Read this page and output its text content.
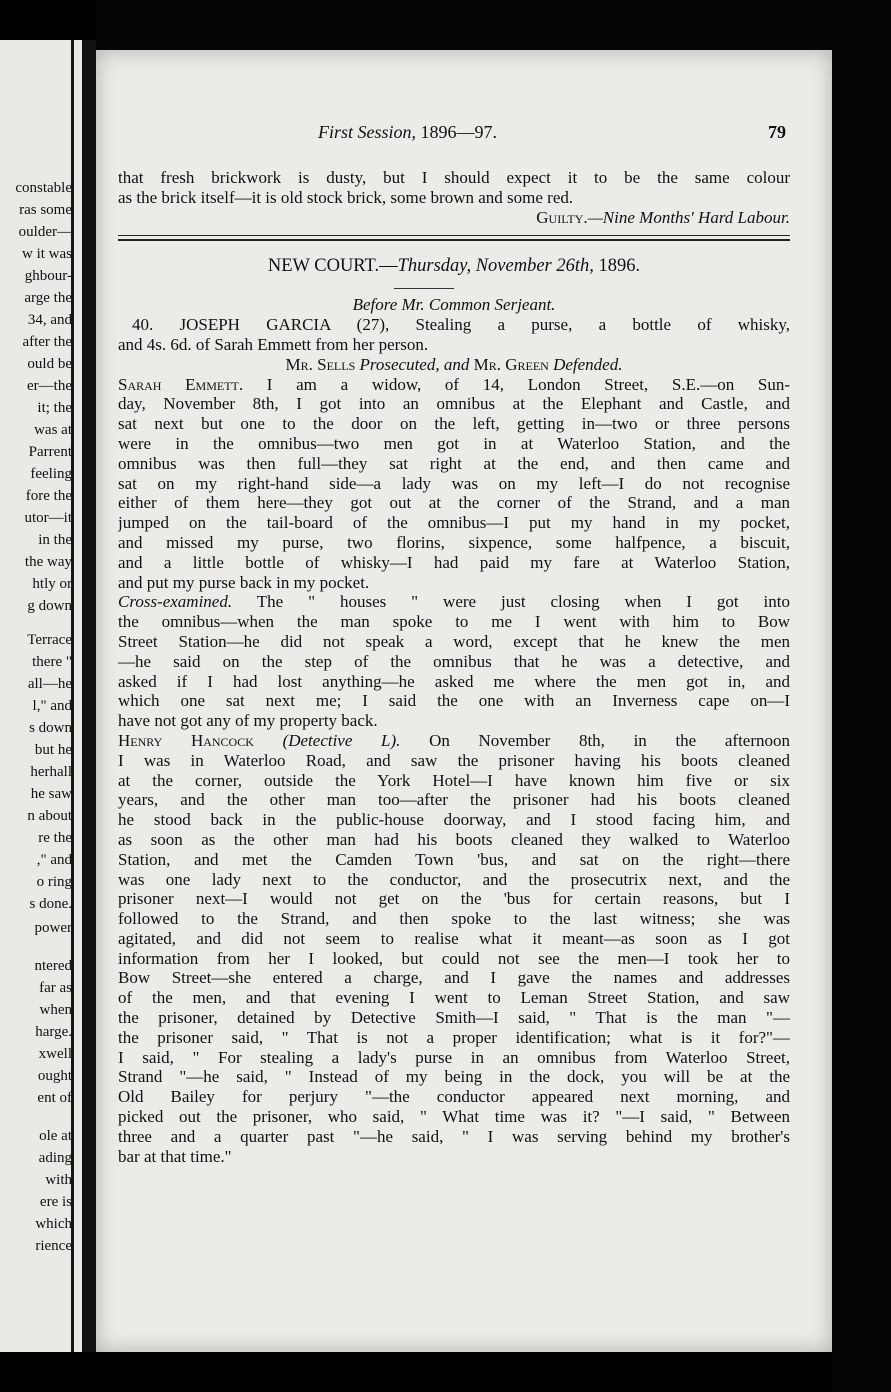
constable
ras some
oulder—
w it was
ghbour-
arge the
34, and
after the
ould be
er—the
it; the
was at
Parrent
feeling
fore the
utor—it
in the
the way
htly or
g down
Terrace
there "
all—he
l," and
s down
but he
herhall
he saw
n about
re the
," and
o ring
s done.
power
ntered
far as
when
harge.
xwell
ought
ent of
ole at
ading
with
ere is
which
rience
First Session, 1896—97.	79
that fresh brickwork is dusty, but I should expect it to be the same colour
as the brick itself—it is old stock brick, some brown and some red.
Guilty.—Nine Months' Hard Labour.
NEW COURT.—Thursday, November 26th, 1896.
Before Mr. Common Serjeant.
40. JOSEPH GARCIA (27), Stealing a purse, a bottle of whisky,
and 4s. 6d. of Sarah Emmett from her person.
Mr. Sells Prosecuted, and Mr. Green Defended.
Sarah Emmett. I am a widow, of 14, London Street, S.E.—on Sun-
day, November 8th, I got into an omnibus at the Elephant and Castle, and
sat next but one to the door on the left, getting in—two or three persons
were in the omnibus—two men got in at Waterloo Station, and the
omnibus was then full—they sat right at the end, and then came and
sat on my right-hand side—a lady was on my left—I do not recognise
either of them here—they got out at the corner of the Strand, and a man
jumped on the tail-board of the omnibus—I put my hand in my pocket,
and missed my purse, two florins, sixpence, some halfpence, a biscuit,
and a little bottle of whisky—I had paid my fare at Waterloo Station,
and put my purse back in my pocket.
Cross-examined. The " houses " were just closing when I got into
the omnibus—when the man spoke to me I went with him to Bow
Street Station—he did not speak a word, except that he knew the men
—he said on the step of the omnibus that he was a detective, and
asked if I had lost anything—he asked me where the men got in, and
which one sat next me; I said the one with an Inverness cape on—I
have not got any of my property back.
Henry Hancock (Detective L). On November 8th, in the afternoon
I was in Waterloo Road, and saw the prisoner having his boots cleaned
at the corner, outside the York Hotel—I have known him five or six
years, and the other man too—after the prisoner had his boots cleaned
he stood back in the public-house doorway, and I stood facing him, and
as soon as the other man had his boots cleaned they walked to Waterloo
Station, and met the Camden Town 'bus, and sat on the right—there
was one lady next to the conductor, and the prosecutrix next, and the
prisoner next—I would not get on the 'bus for certain reasons, but I
followed to the Strand, and then spoke to the last witness; she was
agitated, and did not seem to realise what it meant—as soon as I got
information from her I looked, but could not see the men—I took her to
Bow Street—she entered a charge, and I gave the names and addresses
of the men, and that evening I went to Leman Street Station, and saw
the prisoner, detained by Detective Smith—I said, " That is the man "—
the prisoner said, " That is not a proper identification; what is it for?"—
I said, " For stealing a lady's purse in an omnibus from Waterloo Street,
Strand "—he said, " Instead of my being in the dock, you will be at the
Old Bailey for perjury "—the conductor appeared next morning, and
picked out the prisoner, who said, " What time was it? "—I said, " Between
three and a quarter past "—he said, " I was serving behind my brother's
bar at that time."
